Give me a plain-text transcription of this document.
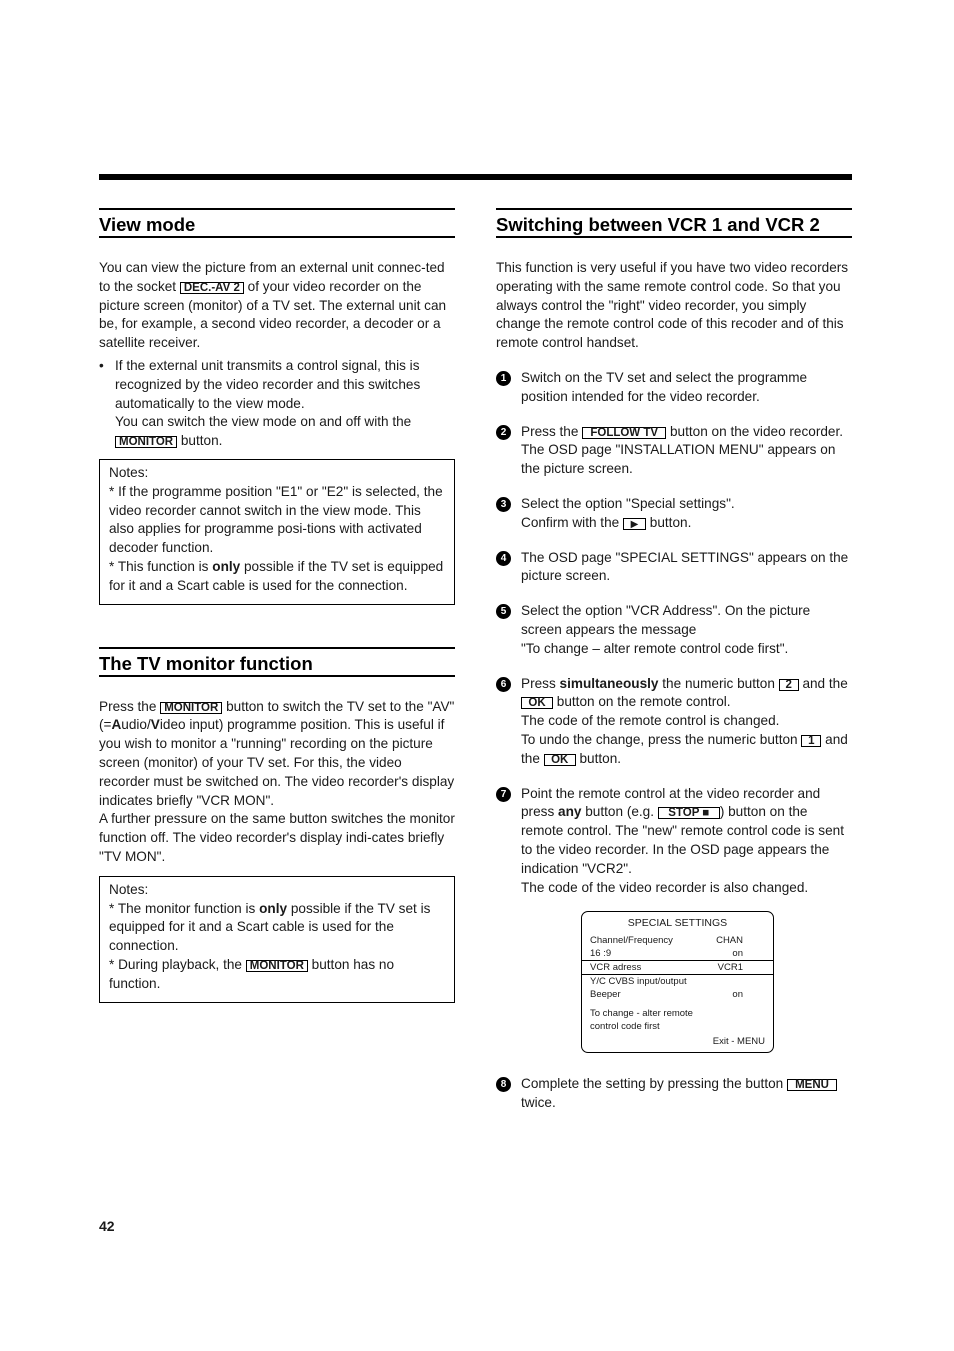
View mode

You can view the picture from an external unit connec-ted to the socket DEC.-AV 2 of your video recorder on the picture screen (monitor) of a TV set. The external unit can be, for example, a second video recorder, a decoder or a satellite receiver.

• If the external unit transmits a control signal, this is recognized by the video recorder and this switches automatically to the view mode.

You can switch the view mode on and off with the MONITOR button.

Notes:

* If the programme position "E1" or "E2" is selected, the video recorder cannot switch in the view mode. This also applies for programme posi-tions with activated decoder function.

* This function is only possible if the TV set is equipped for it and a Scart cable is used for the connection.

The TV monitor function

Press the MONITOR button to switch the TV set to the "AV" (=Audio/Video input) programme position. This is useful if you wish to monitor a "running" recording on the picture screen (monitor) of your TV set. For this, the video recorder must be switched on. The video recorder's display indicates briefly "VCR MON".

A further pressure on the same button switches the monitor function off. The video recorder's display indi-cates briefly "TV MON".

Notes:

* The monitor function is only possible if the TV set is equipped for it and a Scart cable is used for the connection.

* During playback, the MONITOR button has no function.

Switching between VCR 1 and VCR 2

This function is very useful if you have two video recorders operating with the same remote control code. So that you always control the "right" video recorder, you simply change the remote control code of this recoder and of this remote control handset.

1	Switch on the TV set and select the programme position intended for the video recorder.

2	Press the FOLLOW TV button on the video recorder.

The OSD page "INSTALLATION MENU" appears on the picture screen.

3	Select the option "Special settings".

Confirm with the ▶ button.

4	The OSD page "SPECIAL SETTINGS" appears on the picture screen.

5	Select the option "VCR Address". On the picture screen appears the message

"To change – alter remote control code first".

6	Press simultaneously the numeric button 2 and the OK button on the remote control.

The code of the remote control is changed.

To undo the change, press the numeric button 1 and the OK button.

7	Point the remote control at the video recorder and press any button (e.g. STOP ■ ) button on the remote control. The "new" remote control code is sent to the video recorder. In the OSD page appears the indication "VCR2".

The code of the video recorder is also changed.

SPECIAL SETTINGS
Channel/Frequency	CHAN
16 :9	on
VCR adress	VCR1
Y/C CVBS input/output
Beeper	on
To change - alter remote
control code first
Exit - MENU
8	Complete the setting by pressing the button MENU twice.

42
